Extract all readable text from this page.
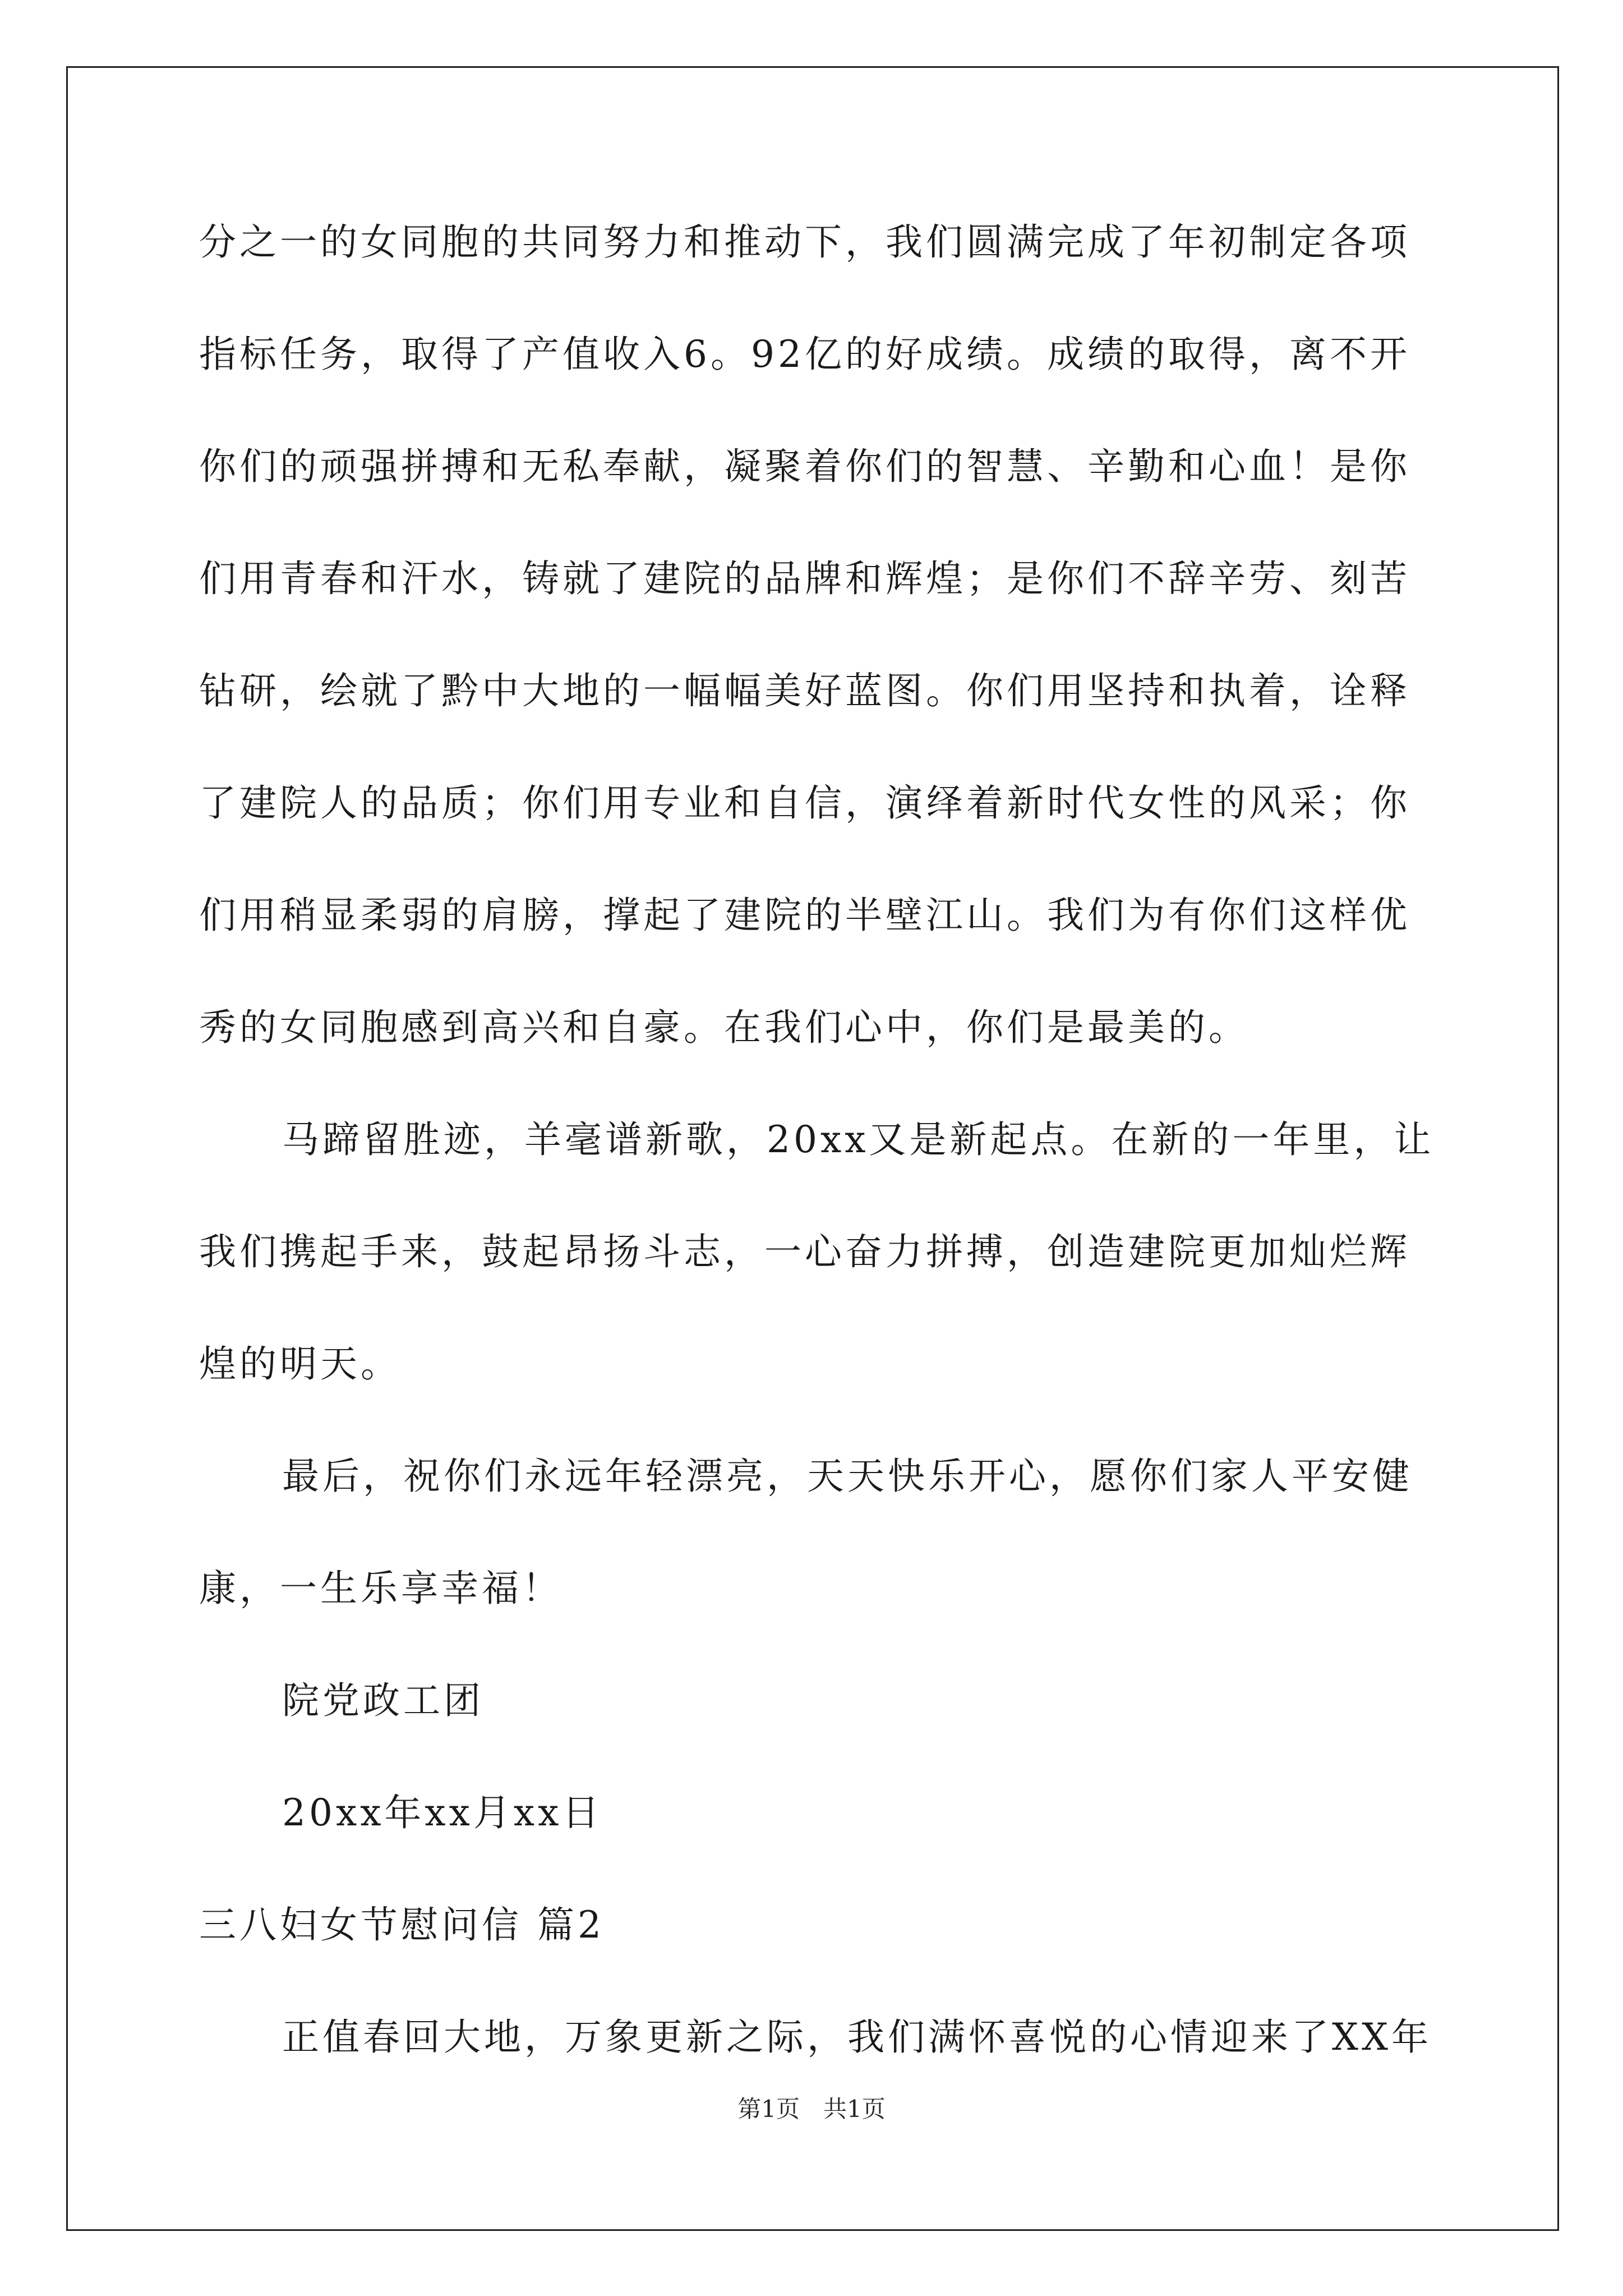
分之一的女同胞的共同努力和推动下，我们圆满完成了年初制定各项
指标任务，取得了产值收入6。92亿的好成绩。成绩的取得，离不开
你们的顽强拼搏和无私奉献，凝聚着你们的智慧、辛勤和心血！是你
们用青春和汗水，铸就了建院的品牌和辉煌；是你们不辞辛劳、刻苦
钻研，绘就了黔中大地的一幅幅美好蓝图。你们用坚持和执着，诠释
了建院人的品质；你们用专业和自信，演绎着新时代女性的风采；你
们用稍显柔弱的肩膀，撑起了建院的半壁江山。我们为有你们这样优
秀的女同胞感到高兴和自豪。在我们心中，你们是最美的。
马蹄留胜迹，羊毫谱新歌，20xx又是新起点。在新的一年里，让
我们携起手来，鼓起昂扬斗志，一心奋力拼搏，创造建院更加灿烂辉
煌的明天。
最后，祝你们永远年轻漂亮，天天快乐开心，愿你们家人平安健
康，一生乐享幸福！
院党政工团
20xx年xx月xx日
三八妇女节慰问信 篇2
正值春回大地，万象更新之际，我们满怀喜悦的心情迎来了XX年
第1页　共1页
